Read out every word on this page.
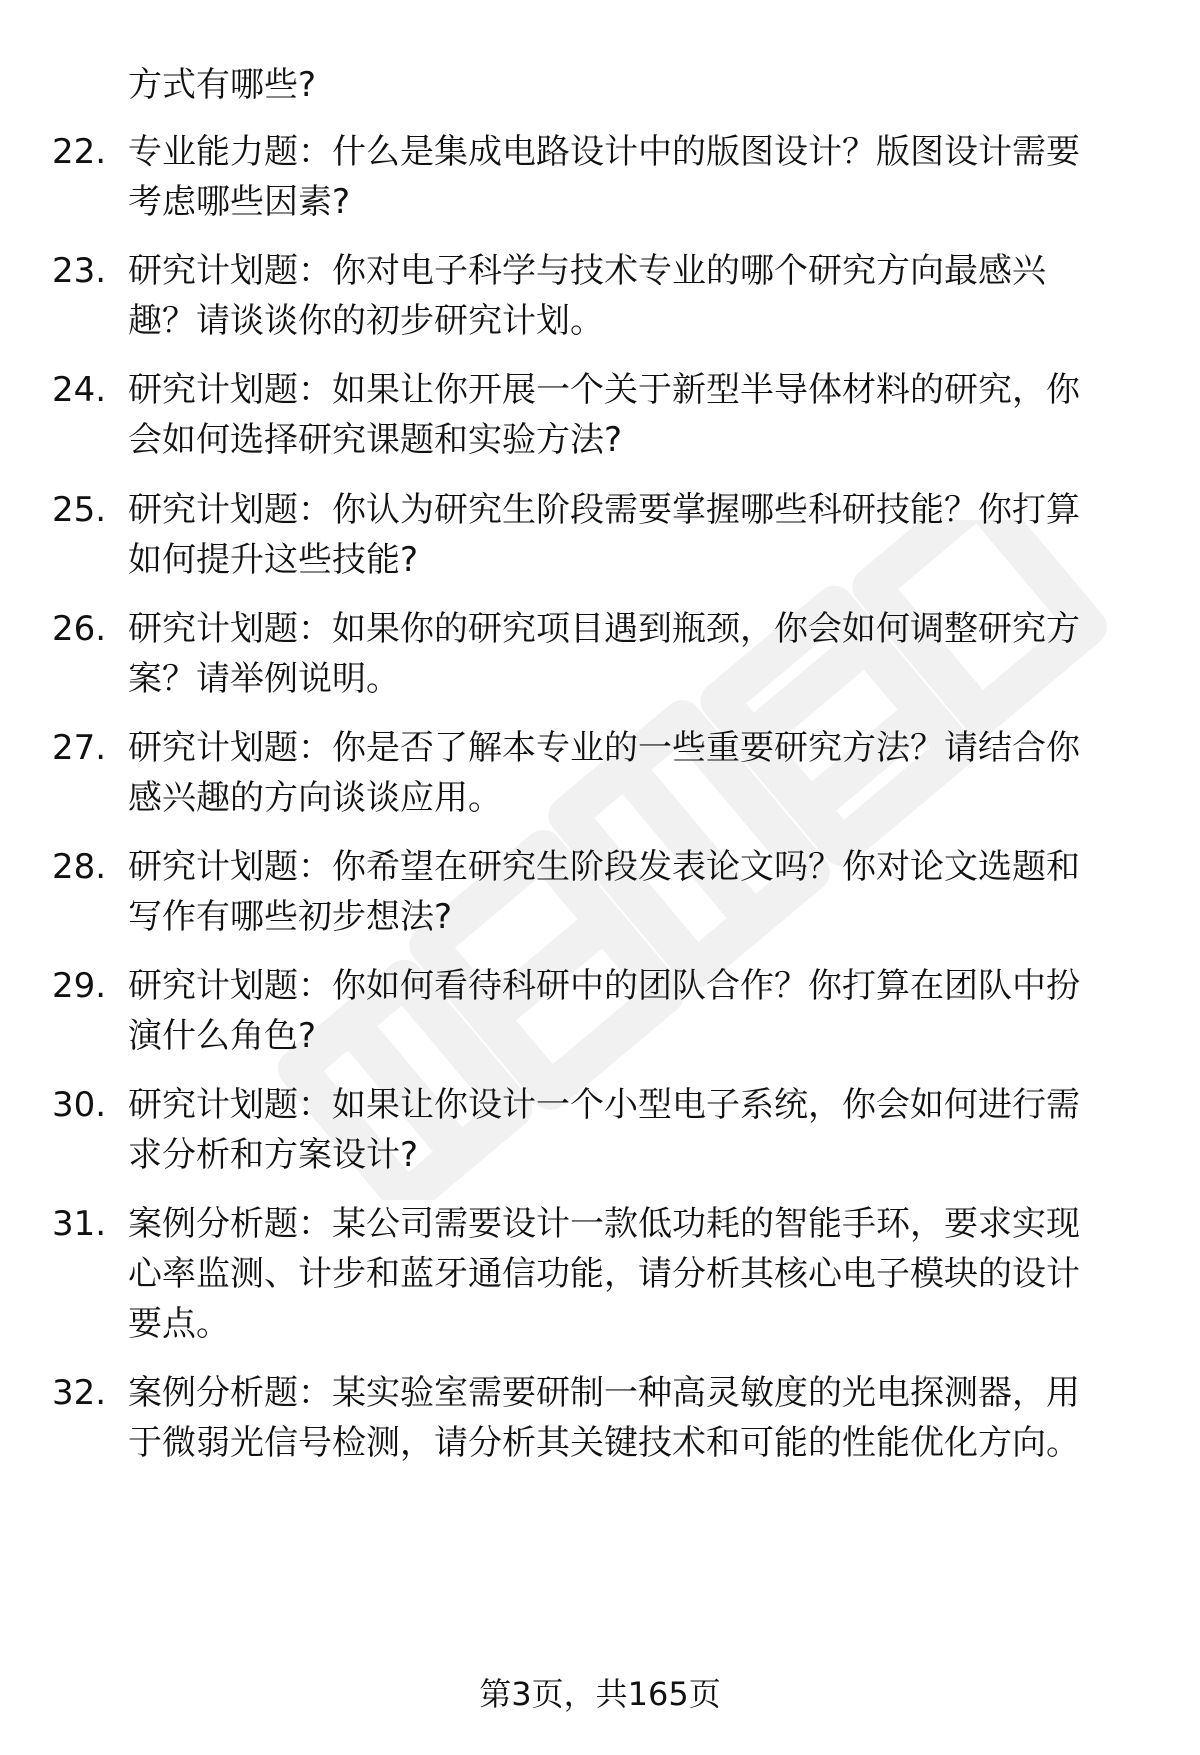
方式有哪些?
22. 专业能力题：什么是集成电路设计中的版图设计？版图设计需要
考虑哪些因素?
23. 研究计划题：你对电子科学与技术专业的哪个研究方向最感兴
趣？请谈谈你的初步研究计划。
24. 研究计划题：如果让你开展一个关于新型半导体材料的研究，你
会如何选择研究课题和实验方法?
25. 研究计划题：你认为研究生阶段需要掌握哪些科研技能？你打算
如何提升这些技能?
26. 研究计划题：如果你的研究项目遇到瓶颈，你会如何调整研究方
案？请举例说明。
27. 研究计划题：你是否了解本专业的一些重要研究方法？请结合你
感兴趣的方向谈谈应用。
28. 研究计划题：你希望在研究生阶段发表论文吗？你对论文选题和
写作有哪些初步想法?
29. 研究计划题：你如何看待科研中的团队合作？你打算在团队中扮
演什么角色?
30. 研究计划题：如果让你设计一个小型电子系统，你会如何进行需
求分析和方案设计?
31. 案例分析题：某公司需要设计一款低功耗的智能手环，要求实现
心率监测、计步和蓝牙通信功能，请分析其核心电子模块的设计
要点。
32. 案例分析题：某实验室需要研制一种高灵敏度的光电探测器，用
于微弱光信号检测，请分析其关键技术和可能的性能优化方向。
第3页，共165页
